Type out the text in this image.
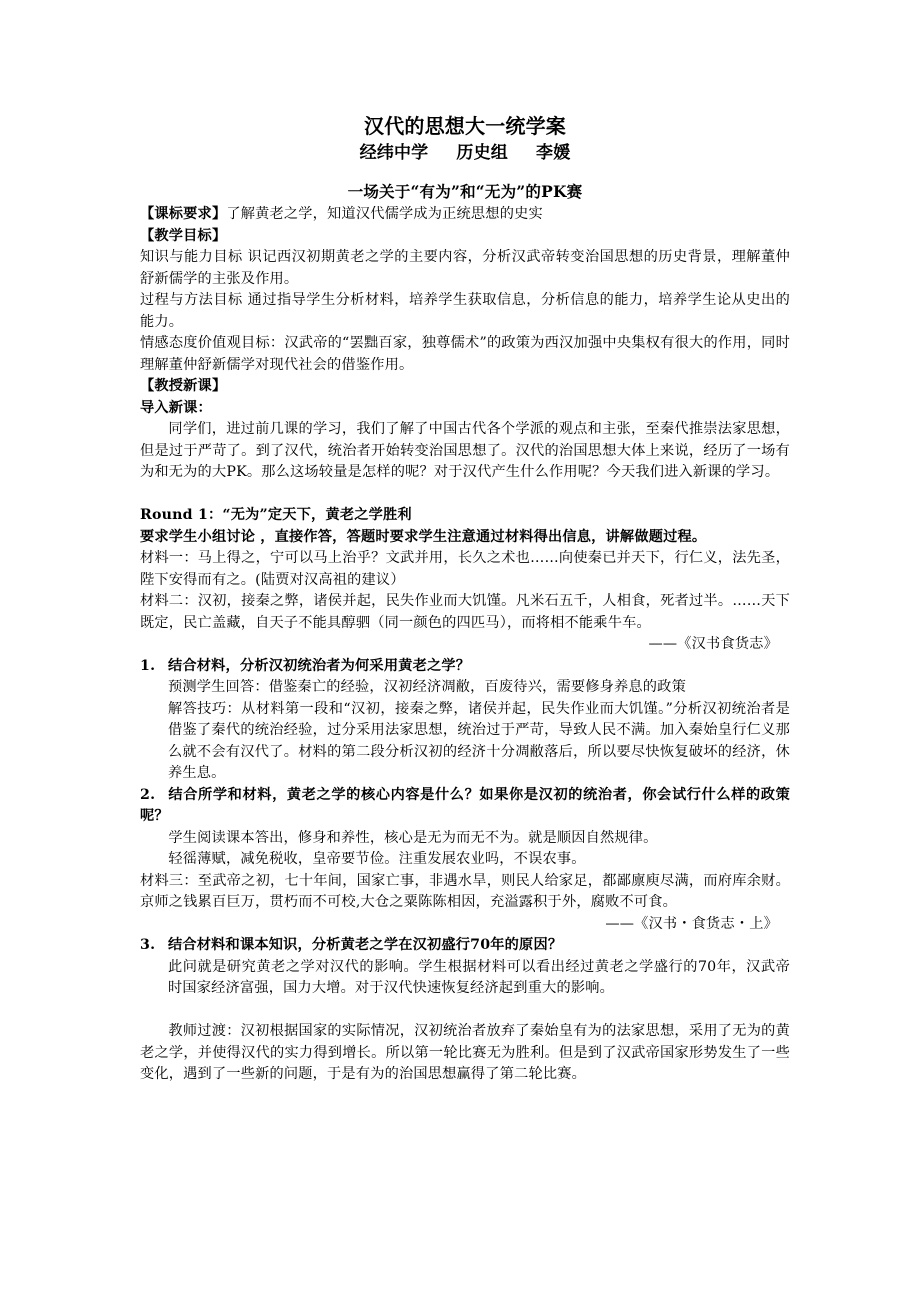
汉代的思想大一统学案
经纬中学 历史组 李媛
一场关于“有为”和“无为”的PK赛

【课标要求】了解黄老之学，知道汉代儒学成为正统思想的史实

【教学目标】

知识与能力目标 识记西汉初期黄老之学的主要内容，分析汉武帝转变治国思想的历史背景，理解董仲舒新儒学的主张及作用。

过程与方法目标 通过指导学生分析材料，培养学生获取信息，分析信息的能力，培养学生论从史出的能力。

情感态度价值观目标：汉武帝的“罢黜百家，独尊儒术”的政策为西汉加强中央集权有很大的作用，同时理解董仲舒新儒学对现代社会的借鉴作用。

【教授新课】

导入新课：

同学们，进过前几课的学习，我们了解了中国古代各个学派的观点和主张，至秦代推崇法家思想，但是过于严苛了。到了汉代，统治者开始转变治国思想了。汉代的治国思想大体上来说，经历了一场有为和无为的大PK。那么这场较量是怎样的呢？对于汉代产生什么作用呢？今天我们进入新课的学习。

Round 1：“无为”定天下，黄老之学胜利

要求学生小组讨论 ，直接作答，答题时要求学生注意通过材料得出信息，讲解做题过程。

材料一：马上得之，宁可以马上治乎？文武并用，长久之术也……向使秦已并天下，行仁义，法先圣，陛下安得而有之。(陆贾对汉高祖的建议）

材料二：汉初，接秦之弊，诸侯并起，民失作业而大饥馑。凡米石五千，人相食，死者过半。……天下既定，民亡盖藏，自天子不能具醇驷（同一颜色的四匹马），而将相不能乘牛车。

——《汉书食货志》

1. 结合材料，分析汉初统治者为何采用黄老之学？

预测学生回答：借鉴秦亡的经验，汉初经济凋敝，百废待兴，需要修身养息的政策

解答技巧：从材料第一段和“汉初，接秦之弊，诸侯并起，民失作业而大饥馑。”分析汉初统治者是借鉴了秦代的统治经验，过分采用法家思想，统治过于严苛，导致人民不满。加入秦始皇行仁义那么就不会有汉代了。材料的第二段分析汉初的经济十分凋敝落后，所以要尽快恢复破坏的经济，休养生息。

2. 结合所学和材料，黄老之学的核心内容是什么？如果你是汉初的统治者，你会试行什么样的政策呢？

学生阅读课本答出，修身和养性，核心是无为而无不为。就是顺因自然规律。

轻徭薄赋，减免税收，皇帝要节俭。注重发展农业吗，不误农事。

材料三：至武帝之初，七十年间，国家亡事，非遇水旱，则民人给家足，都鄙廪庾尽满，而府库余财。京师之钱累百巨万，贯朽而不可校,大仓之粟陈陈相因，充溢露积于外，腐败不可食。

——《汉书・食货志・上》

3. 结合材料和课本知识，分析黄老之学在汉初盛行70年的原因？

此问就是研究黄老之学对汉代的影响。学生根据材料可以看出经过黄老之学盛行的70年，汉武帝时国家经济富强，国力大增。对于汉代快速恢复经济起到重大的影响。

教师过渡：汉初根据国家的实际情况，汉初统治者放弃了秦始皇有为的法家思想，采用了无为的黄老之学，并使得汉代的实力得到增长。所以第一轮比赛无为胜利。但是到了汉武帝国家形势发生了一些变化，遇到了一些新的问题，于是有为的治国思想赢得了第二轮比赛。
